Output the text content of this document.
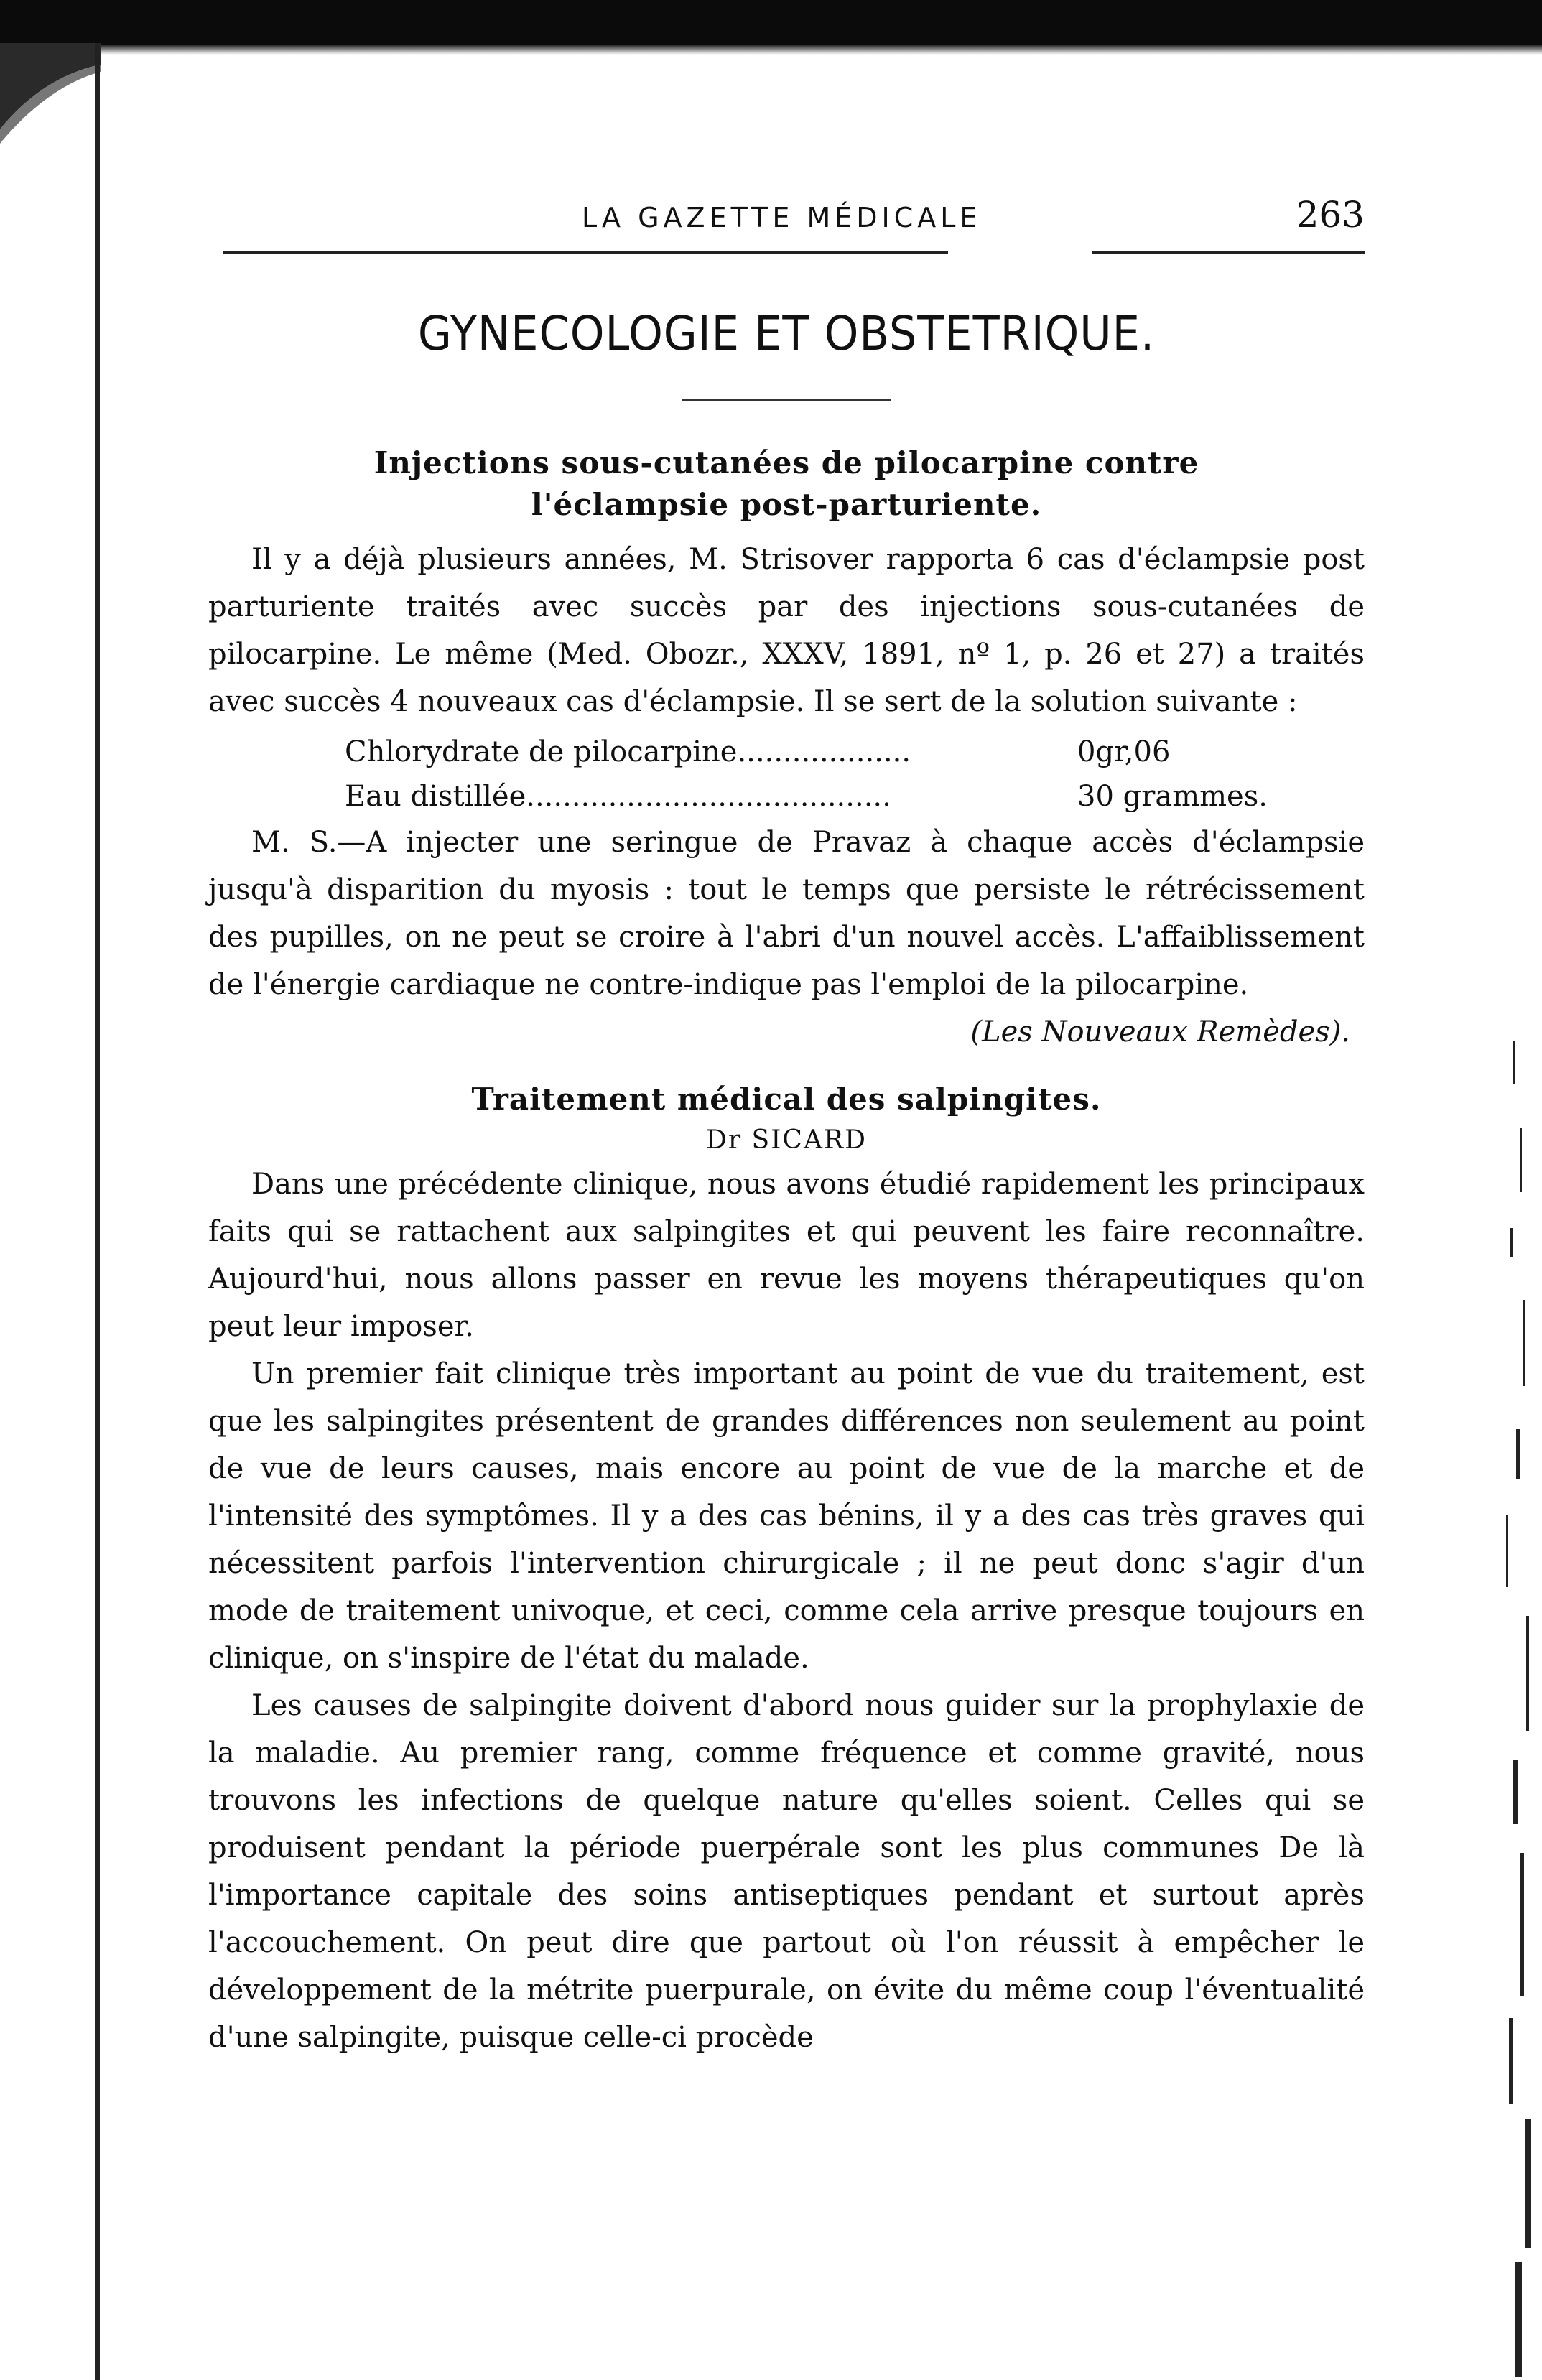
LA GAZETTE MÉDICALE	263
GYNECOLOGIE ET OBSTETRIQUE.
Injections sous-cutanées de pilocarpine contre
l'éclampsie post-parturiente.

Il y a déjà plusieurs années, M. Strisover rapporta 6 cas d'éclampsie post parturiente traités avec succès par des injections sous-cutanées de pilocarpine. Le même (Med. Obozr., XXXV, 1891, nº 1, p. 26 et 27) a traités avec succès 4 nouveaux cas d'éclampsie. Il se sert de la solution suivante :

Chlorydrate de pilocarpine...................	0gr,06
Eau distillée........................................	30 grammes.

M. S.—A injecter une seringue de Pravaz à chaque accès d'éclampsie jusqu'à disparition du myosis : tout le temps que persiste le rétrécissement des pupilles, on ne peut se croire à l'abri d'un nouvel accès. L'affaiblissement de l'énergie cardiaque ne contre-indique pas l'emploi de la pilocarpine.

(Les Nouveaux Remèdes).
Traitement médical des salpingites.
Dr SICARD

Dans une précédente clinique, nous avons étudié rapidement les principaux faits qui se rattachent aux salpingites et qui peuvent les faire reconnaître. Aujourd'hui, nous allons passer en revue les moyens thérapeutiques qu'on peut leur imposer.

Un premier fait clinique très important au point de vue du traitement, est que les salpingites présentent de grandes différences non seulement au point de vue de leurs causes, mais encore au point de vue de la marche et de l'intensité des symptômes. Il y a des cas bénins, il y a des cas très graves qui nécessitent parfois l'intervention chirurgicale ; il ne peut donc s'agir d'un mode de traitement univoque, et ceci, comme cela arrive presque toujours en clinique, on s'inspire de l'état du malade.

Les causes de salpingite doivent d'abord nous guider sur la prophylaxie de la maladie. Au premier rang, comme fréquence et comme gravité, nous trouvons les infections de quelque nature qu'elles soient. Celles qui se produisent pendant la période puerpérale sont les plus communes De là l'importance capitale des soins antiseptiques pendant et surtout après l'accouchement. On peut dire que partout où l'on réussit à empêcher le développement de la métrite puerpurale, on évite du même coup l'éventualité d'une salpingite, puisque celle-ci procède
